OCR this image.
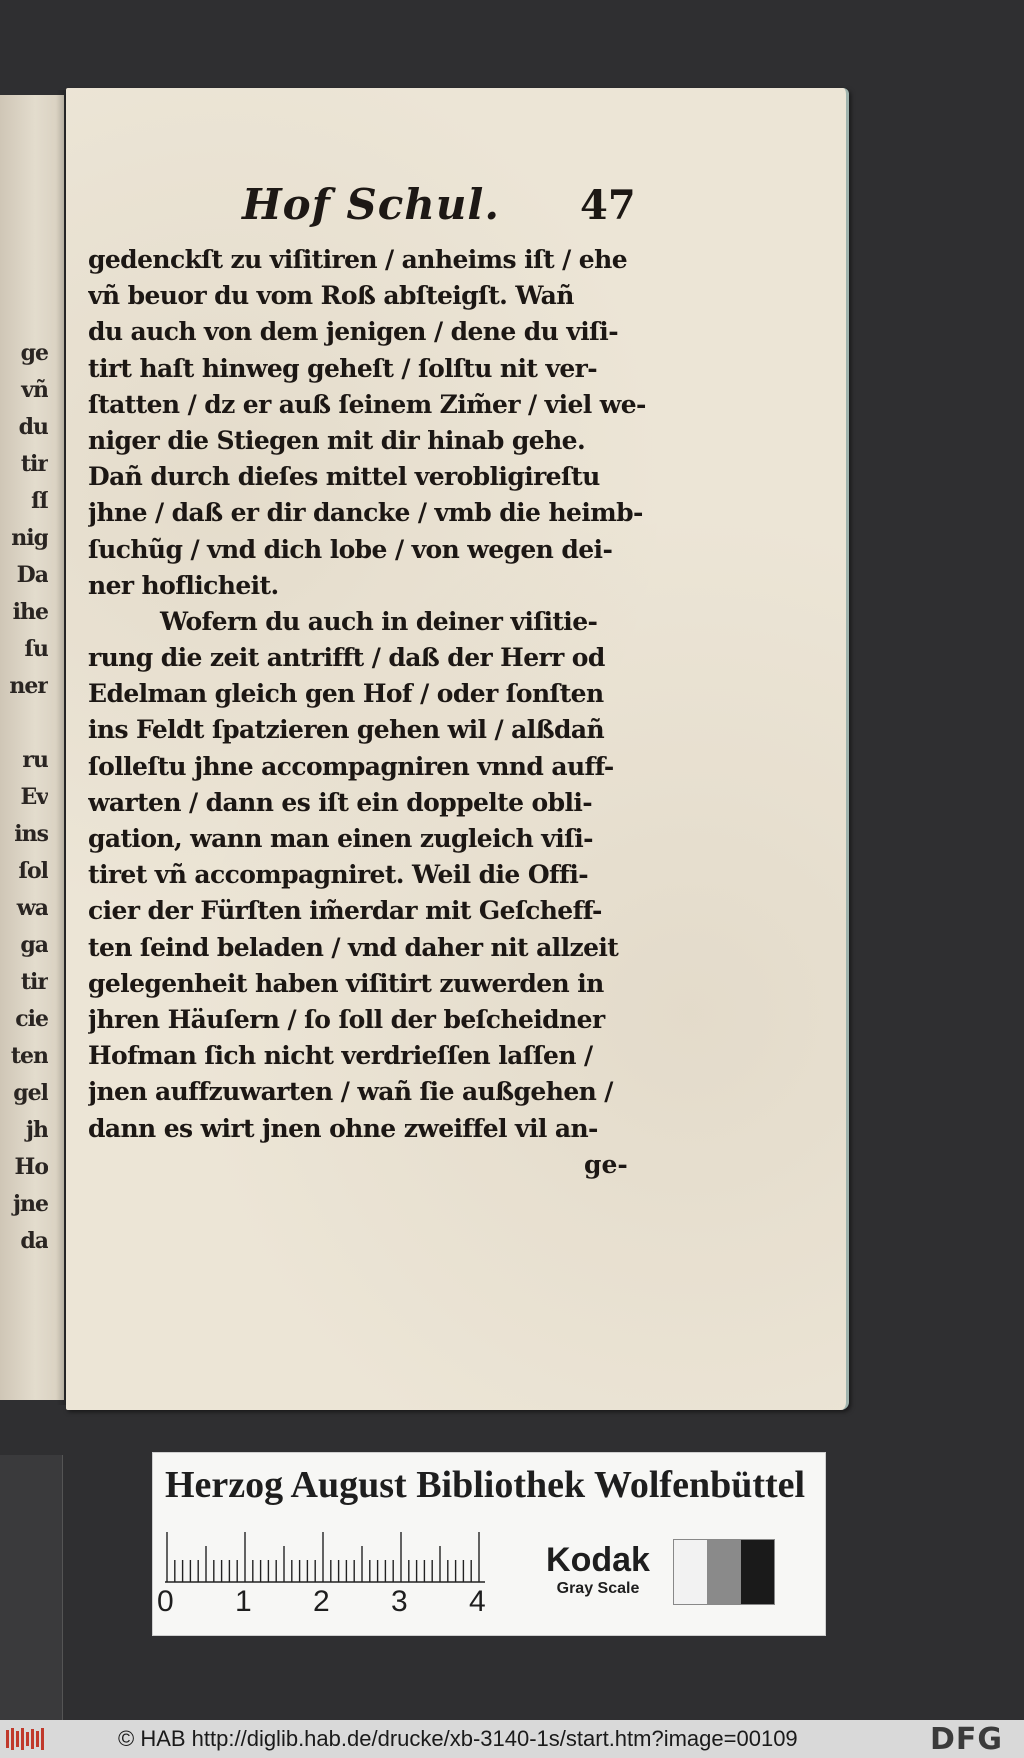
ge
vñ
du
tir
ſſ
nig
Da
ihe
ſu
ner
ru
Ev
ins
ſol
wa
ga
tir
cie
ten
gel
jh
Ho
jne
da
Hof Schul. 47
gedenckſt zu viſitiren / anheims iſt / ehe
vñ beuor du vom Roß abſteigſt. Wañ
du auch von dem jenigen / dene du viſi-
tirt haſt hinweg geheſt / ſolſtu nit ver-
ſtatten / dz er auß ſeinem Zim̃er / viel we-
niger die Stiegen mit dir hinab gehe.
Dañ durch dieſes mittel verobligireſtu
jhne / daß er dir dancke / vmb die heimb-
ſuchũg / vnd dich lobe / von wegen dei-
ner hoflicheit.
Wofern du auch in deiner viſitie-
rung die zeit antrifft / daß der Herr od
Edelman gleich gen Hof / oder ſonſten
ins Feldt ſpatzieren gehen wil / alßdañ
ſolleſtu jhne accompagniren vnnd auff-
warten / dann es iſt ein doppelte obli-
gation, wann man einen zugleich viſi-
tiret vñ accompagniret. Weil die Offi-
cier der Fürſten im̃erdar mit Geſcheff-
ten ſeind beladen / vnd daher nit allzeit
gelegenheit haben viſitirt zuwerden in
jhren Häuſern / ſo ſoll der beſcheidner
Hofman ſich nicht verdrieſſen laſſen /
jnen auffzuwarten / wañ ſie außgehen /
dann es wirt jnen ohne zweiffel vil an-
ge-
Herzog August Bibliothek Wolfenbüttel
0 1 2 3 4
Kodak
Gray Scale
© HAB http://diglib.hab.de/drucke/xb-3140-1s/start.htm?image=00109	DFG
